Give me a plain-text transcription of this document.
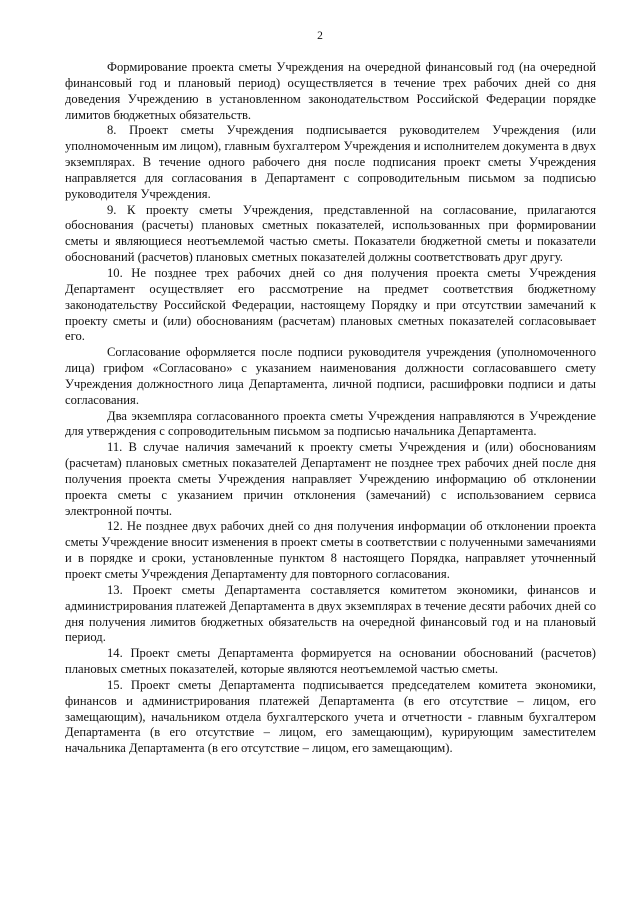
2

Формирование проекта сметы Учреждения на очередной финансовый год (на очередной финансовый год и плановый период) осуществляется в течение трех рабочих дней со дня доведения Учреждению в установленном законодательством Российской Федерации порядке лимитов бюджетных обязательств.

8. Проект сметы Учреждения подписывается руководителем Учреждения (или уполномоченным им лицом), главным бухгалтером Учреждения и исполнителем документа в двух экземплярах. В течение одного рабочего дня после подписания проект сметы Учреждения направляется для согласования в Департамент с сопроводительным письмом за подписью руководителя Учреждения.

9. К проекту сметы Учреждения, представленной на согласование, прилагаются обоснования (расчеты) плановых сметных показателей, использованных при формировании сметы и являющиеся неотъемлемой частью сметы. Показатели бюджетной сметы и показатели обоснований (расчетов) плановых сметных показателей должны соответствовать друг другу.

10. Не позднее трех рабочих дней со дня получения проекта сметы Учреждения Департамент осуществляет его рассмотрение на предмет соответствия бюджетному законодательству Российской Федерации, настоящему Порядку и при отсутствии замечаний к проекту сметы и (или) обоснованиям (расчетам) плановых сметных показателей согласовывает его.

Согласование оформляется после подписи руководителя учреждения (уполномоченного лица) грифом «Согласовано» с указанием наименования должности согласовавшего смету Учреждения должностного лица Департамента, личной подписи, расшифровки подписи и даты согласования.

Два экземпляра согласованного проекта сметы Учреждения направляются в Учреждение для утверждения с сопроводительным письмом за подписью начальника Департамента.

11. В случае наличия замечаний к проекту сметы Учреждения и (или) обоснованиям (расчетам) плановых сметных показателей Департамент не позднее трех рабочих дней после дня получения проекта сметы Учреждения направляет Учреждению информацию об отклонении проекта сметы с указанием причин отклонения (замечаний) с использованием сервиса электронной почты.

12. Не позднее двух рабочих дней со дня получения информации об отклонении проекта сметы Учреждение вносит изменения в проект сметы в соответствии с полученными замечаниями и в порядке и сроки, установленные пунктом 8 настоящего Порядка, направляет уточненный проект сметы Учреждения Департаменту для повторного согласования.

13. Проект сметы Департамента составляется комитетом экономики, финансов и администрирования платежей Департамента в двух экземплярах в течение десяти рабочих дней со дня получения лимитов бюджетных обязательств на очередной финансовый год и на плановый период.

14. Проект сметы Департамента формируется на основании обоснований (расчетов) плановых сметных показателей, которые являются неотъемлемой частью сметы.

15. Проект сметы Департамента подписывается председателем комитета экономики, финансов и администрирования платежей Департамента (в его отсутствие – лицом, его замещающим), начальником отдела бухгалтерского учета и отчетности - главным бухгалтером Департамента (в его отсутствие – лицом, его замещающим), курирующим заместителем начальника Департамента (в его отсутствие – лицом, его замещающим).
